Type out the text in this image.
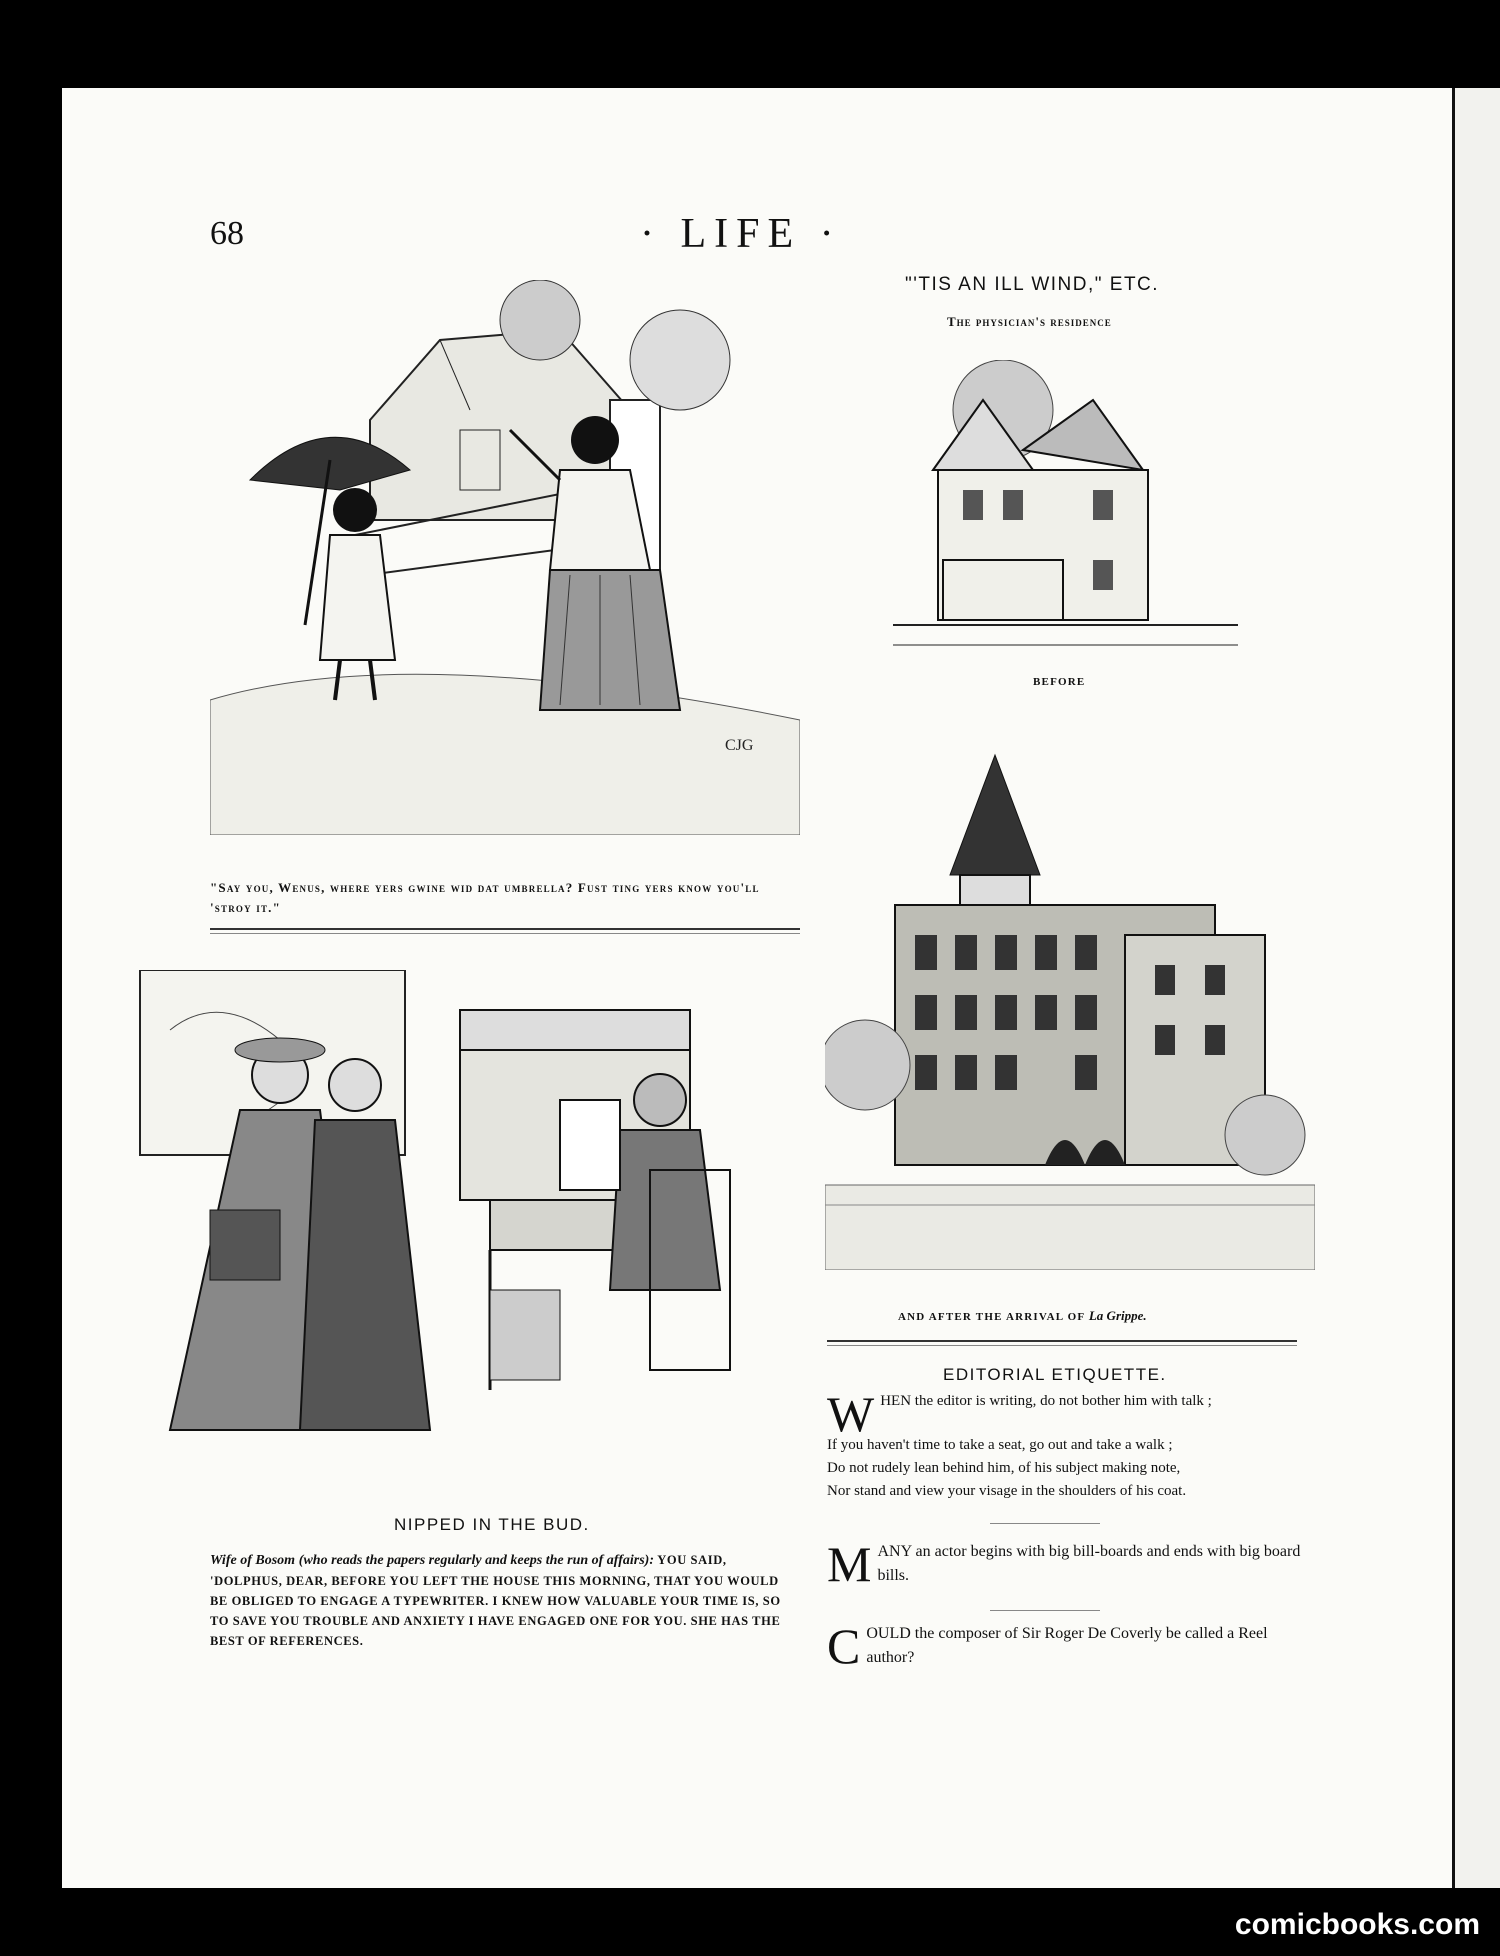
68	· LIFE ·
"'TIS AN ILL WIND," ETC.
The physician's residence
CJG
"Say you, Wenus, where yers gwine wid dat umbrella? Fust ting yers know you'll 'stroy it."
BEFORE
AND AFTER THE ARRIVAL OF La Grippe.
NIPPED IN THE BUD.
Wife of Bosom (who reads the papers regularly and keeps the run of affairs): YOU SAID, 'DOLPHUS, DEAR, BEFORE YOU LEFT THE HOUSE THIS MORNING, THAT YOU WOULD BE OBLIGED TO ENGAGE A TYPEWRITER. I KNEW HOW VALUABLE YOUR TIME IS, SO TO SAVE YOU TROUBLE AND ANXIETY I HAVE ENGAGED ONE FOR YOU. SHE HAS THE BEST OF REFERENCES.
EDITORIAL ETIQUETTE.
W HEN the editor is writing, do not bother him with talk ;
If you haven't time to take a seat, go out and take a walk ;
Do not rudely lean behind him, of his subject making note,
Nor stand and view your visage in the shoulders of his coat.
M ANY an actor begins with big bill-boards and ends with big board bills.
C OULD the composer of Sir Roger De Coverly be called a Reel author?
comicbooks.com
